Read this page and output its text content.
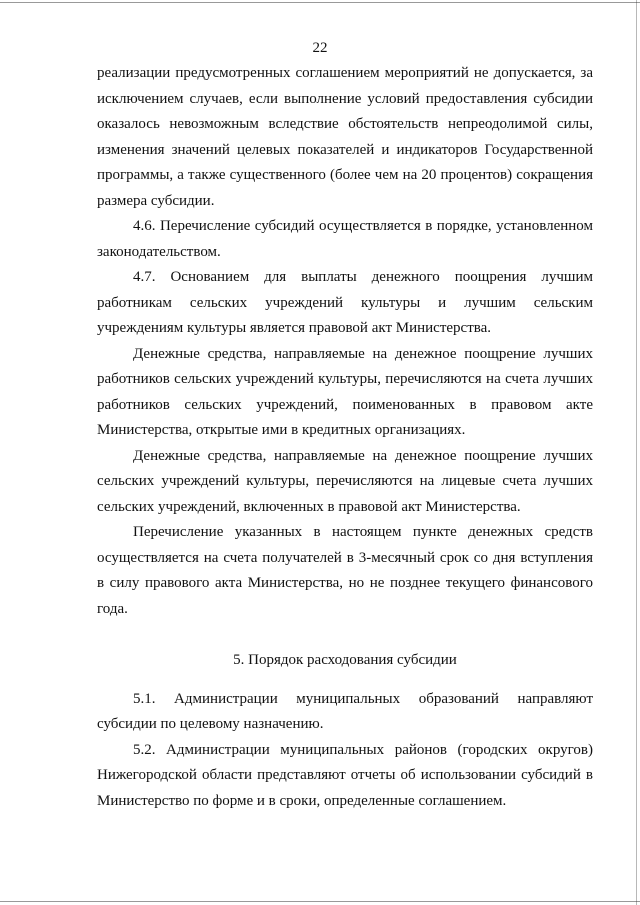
22

реализации предусмотренных соглашением мероприятий не допускается, за исключением случаев, если выполнение условий предоставления субсидии оказалось невозможным вследствие обстоятельств непреодолимой силы, изменения значений целевых показателей и индикаторов Государственной программы, а также существенного (более чем на 20 процентов) сокращения размера субсидии.

4.6. Перечисление субсидий осуществляется в порядке, установленном законодательством.

4.7. Основанием для выплаты денежного поощрения лучшим работникам сельских учреждений культуры и лучшим сельским учреждениям культуры является правовой акт Министерства.

Денежные средства, направляемые на денежное поощрение лучших работников сельских учреждений культуры, перечисляются на счета лучших работников сельских учреждений, поименованных в правовом акте Министерства, открытые ими в кредитных организациях.

Денежные средства, направляемые на денежное поощрение лучших сельских учреждений культуры, перечисляются на лицевые счета лучших сельских учреждений, включенных в правовой акт Министерства.

Перечисление указанных в настоящем пункте денежных средств осуществляется на счета получателей в 3-месячный срок со дня вступления в силу правового акта Министерства, но не позднее текущего финансового года.

5. Порядок расходования субсидии

5.1. Администрации муниципальных образований направляют субсидии по целевому назначению.

5.2. Администрации муниципальных районов (городских округов) Нижегородской области представляют отчеты об использовании субсидий в Министерство по форме и в сроки, определенные соглашением.
